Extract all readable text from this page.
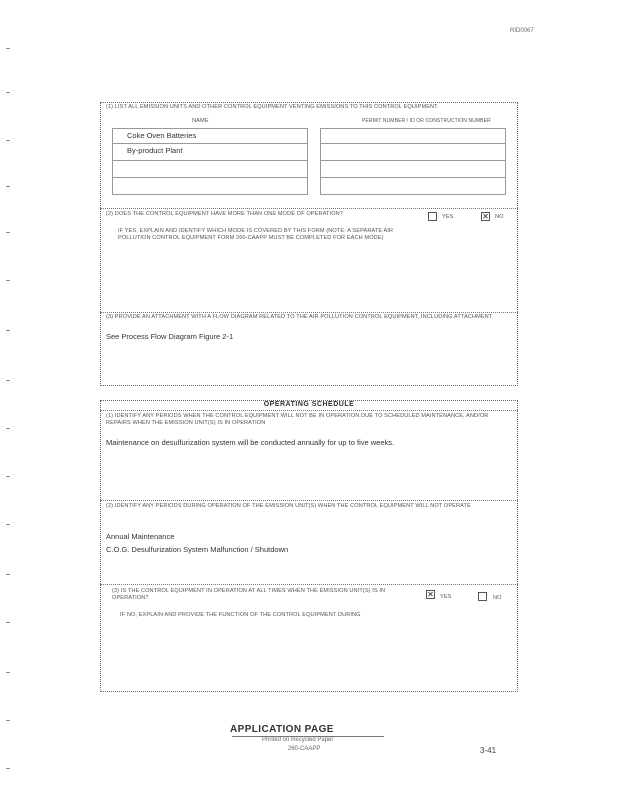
RID0067
(1) LIST ALL EMISSION UNITS AND OTHER CONTROL EQUIPMENT VENTING EMISSIONS TO THIS CONTROL EQUIPMENT.
NAME	PERMIT NUMBER / ID OR CONSTRUCTION NUMBER
Coke Oven Batteries
By-product Plant
(2) DOES THE CONTROL EQUIPMENT HAVE MORE THAN ONE MODE OF OPERATION?	YES	✕ NO
IF YES, EXPLAIN AND IDENTIFY WHICH MODE IS COVERED BY THIS FORM (NOTE: A SEPARATE AIR POLLUTION CONTROL EQUIPMENT FORM 260-CAAPP MUST BE COMPLETED FOR EACH MODE)
(3) PROVIDE AN ATTACHMENT WITH A FLOW DIAGRAM RELATED TO THE AIR POLLUTION CONTROL EQUIPMENT, INCLUDING ATTACHMENT
See Process Flow Diagram Figure 2-1
OPERATING SCHEDULE
(1) IDENTIFY ANY PERIODS WHEN THE CONTROL EQUIPMENT WILL NOT BE IN OPERATION DUE TO SCHEDULED MAINTENANCE, AND/OR REPAIRS WHEN THE EMISSION UNIT(S) IS IN OPERATION
Maintenance on desulfurization system will be conducted annually for up to five weeks.
(2) IDENTIFY ANY PERIODS DURING OPERATION OF THE EMISSION UNIT(S) WHEN THE CONTROL EQUIPMENT WILL NOT OPERATE
Annual Maintenance
C.O.G. Desulfurization System Malfunction / Shutdown
(3) IS THE CONTROL EQUIPMENT IN OPERATION AT ALL TIMES WHEN THE EMISSION UNIT(S) IS IN OPERATION?	✕ YES	NO
IF NO, EXPLAIN AND PROVIDE THE FUNCTION OF THE CONTROL EQUIPMENT DURING
APPLICATION PAGE
Printed on Recycled Paper
260-CAAPP	3-41
